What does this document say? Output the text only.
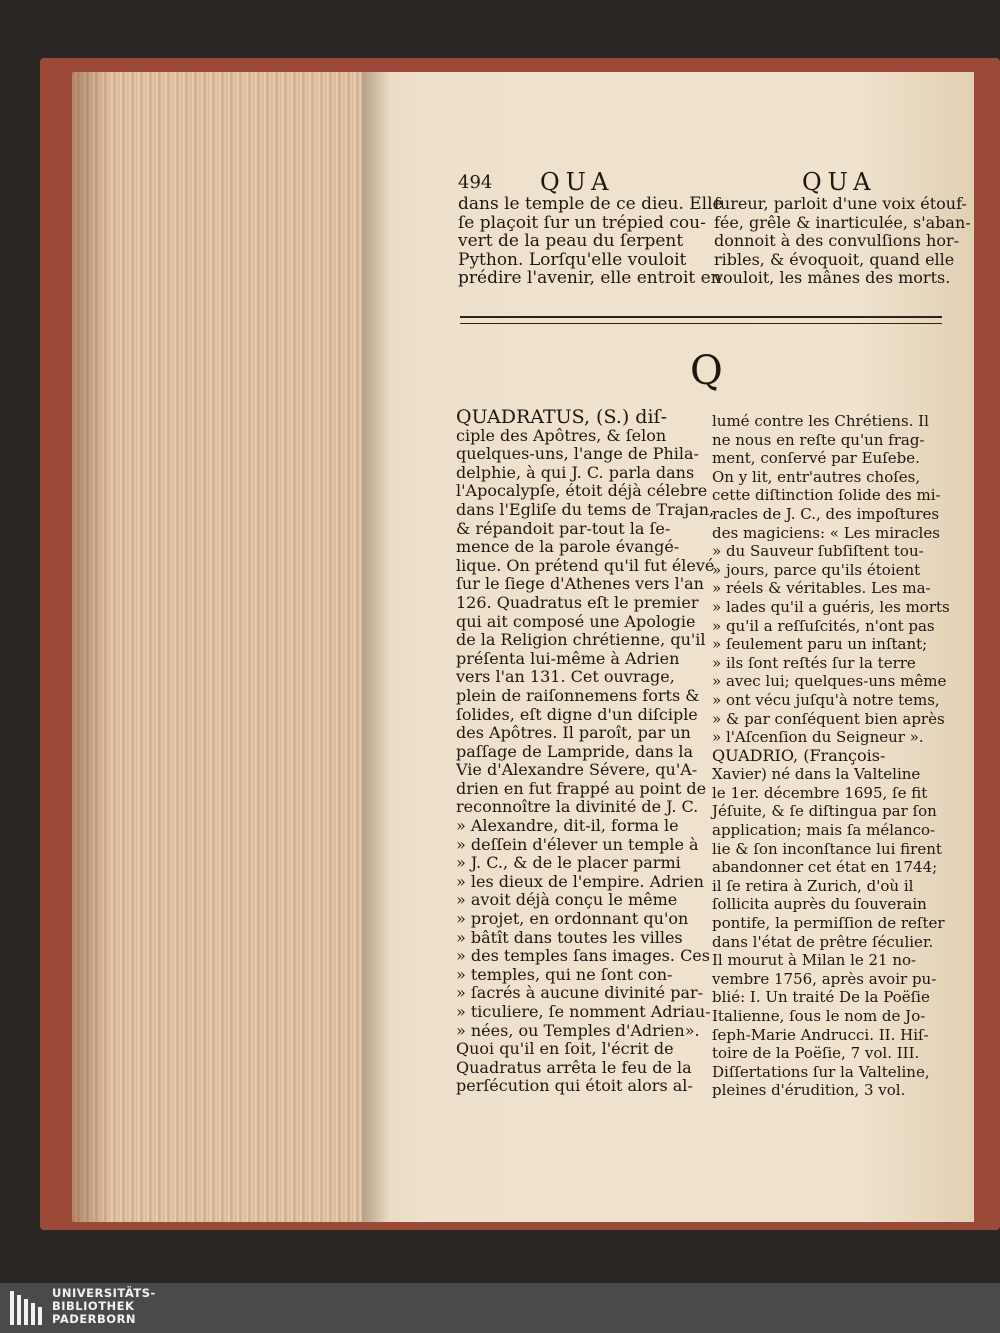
494 QUA	QUA
dans le temple de ce dieu. Elle
ſe plaçoit ſur un trépied cou-
vert de la peau du ſerpent
Python. Lorſqu'elle vouloit
prédire l'avenir, elle entroit en
fureur, parloit d'une voix étouf-
fée, grêle & inarticulée, s'aban-
donnoit à des convulſions hor-
ribles, & évoquoit, quand elle
vouloit, les mânes des morts.
Q
QUADRATUS, (S.) diſ-
ciple des Apôtres, & ſelon
quelques-uns, l'ange de Phila-
delphie, à qui J. C. parla dans
l'Apocalypſe, étoit déjà célebre
dans l'Egliſe du tems de Trajan,
& répandoit par-tout la ſe-
mence de la parole évangé-
lique. On prétend qu'il fut élevé
ſur le ſiege d'Athenes vers l'an
126. Quadratus eſt le premier
qui ait composé une Apologie
de la Religion chrétienne, qu'il
préſenta lui-même à Adrien
vers l'an 131. Cet ouvrage,
plein de raiſonnemens forts &
ſolides, eſt digne d'un diſciple
des Apôtres. Il paroît, par un
paſſage de Lampride, dans la
Vie d'Alexandre Sévere, qu'A-
drien en fut frappé au point de
reconnoître la divinité de J. C.
» Alexandre, dit-il, forma le
» deſſein d'élever un temple à
» J. C., & de le placer parmi
» les dieux de l'empire. Adrien
» avoit déjà conçu le même
» projet, en ordonnant qu'on
» bâtît dans toutes les villes
» des temples ſans images. Ces
» temples, qui ne ſont con-
» ſacrés à aucune divinité par-
» ticuliere, ſe nomment Adriau-
» nées, ou Temples d'Adrien».
Quoi qu'il en ſoit, l'écrit de
Quadratus arrêta le feu de la
perſécution qui étoit alors al-
lumé contre les Chrétiens. Il
ne nous en reſte qu'un frag-
ment, conſervé par Euſebe.
On y lit, entr'autres choſes,
cette diſtinction ſolide des mi-
racles de J. C., des impoſtures
des magiciens: « Les miracles
» du Sauveur ſubſiſtent tou-
» jours, parce qu'ils étoient
» réels & véritables. Les ma-
» lades qu'il a guéris, les morts
» qu'il a reſſuſcités, n'ont pas
» ſeulement paru un inſtant;
» ils ſont reſtés ſur la terre
» avec lui; quelques-uns même
» ont vécu juſqu'à notre tems,
» & par conſéquent bien après
» l'Aſcenſion du Seigneur ».
QUADRIO, (François-
Xavier) né dans la Valteline
le 1er. décembre 1695, ſe fit
Jéſuite, & ſe diſtingua par ſon
application; mais ſa mélanco-
lie & ſon inconſtance lui firent
abandonner cet état en 1744;
il ſe retira à Zurich, d'où il
ſollicita auprès du ſouverain
pontife, la permiſſion de reſter
dans l'état de prêtre ſéculier.
Il mourut à Milan le 21 no-
vembre 1756, après avoir pu-
blié: I. Un traité De la Poëſie
Italienne, ſous le nom de Jo-
ſeph-Marie Andrucci. II. Hiſ-
toire de la Poëſie, 7 vol. III.
Diſſertations ſur la Valteline,
pleines d'érudition, 3 vol.
UNIVERSITÄTS-
BIBLIOTHEK
PADERBORN
